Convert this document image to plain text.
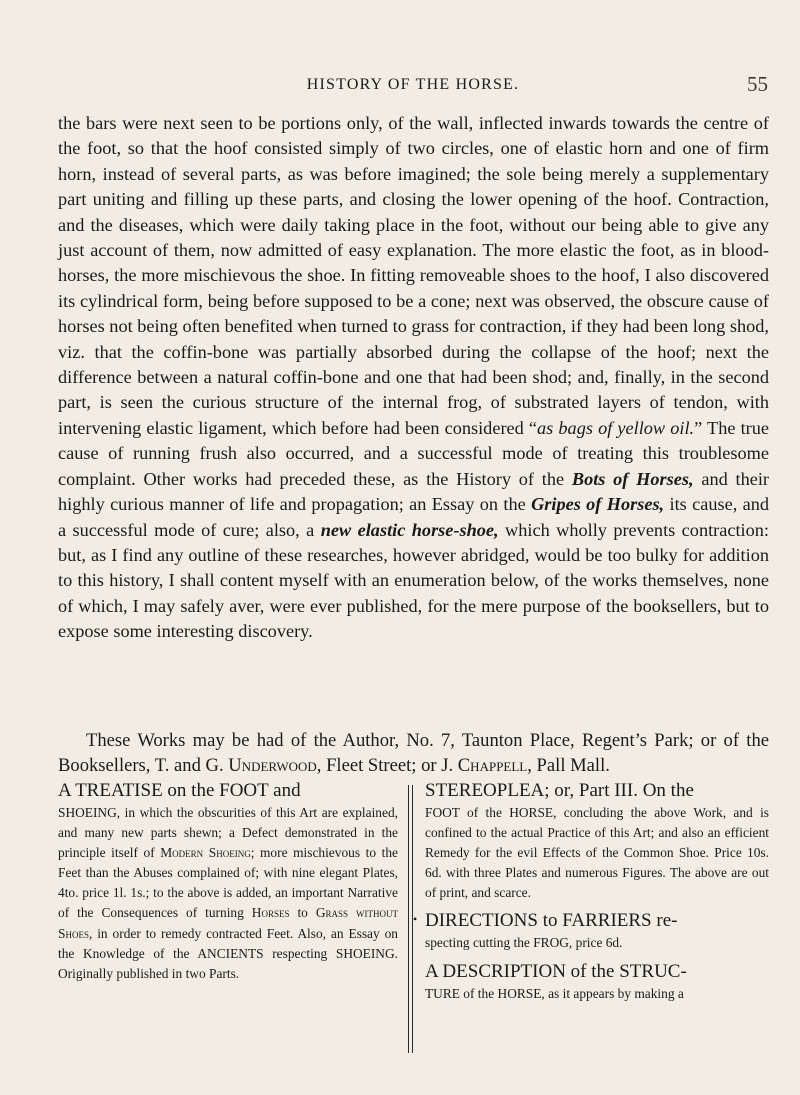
HISTORY OF THE HORSE.	55

the bars were next seen to be portions only, of the wall, inflected inwards towards the centre of the foot, so that the hoof consisted simply of two circles, one of elastic horn and one of firm horn, instead of several parts, as was before imagined; the sole being merely a supplementary part uniting and filling up these parts, and closing the lower opening of the hoof. Contraction, and the diseases, which were daily taking place in the foot, without our being able to give any just account of them, now admitted of easy explanation. The more elastic the foot, as in blood-horses, the more mischievous the shoe. In fitting removeable shoes to the hoof, I also discovered its cylindrical form, being before supposed to be a cone; next was observed, the obscure cause of horses not being often benefited when turned to grass for contraction, if they had been long shod, viz. that the coffin-bone was partially absorbed during the collapse of the hoof; next the difference between a natural coffin-bone and one that had been shod; and, finally, in the second part, is seen the curious structure of the internal frog, of substrated layers of tendon, with intervening elastic ligament, which before had been considered “as bags of yellow oil.” The true cause of running frush also occurred, and a successful mode of treating this troublesome complaint. Other works had preceded these, as the History of the Bots of Horses, and their highly curious manner of life and propagation; an Essay on the Gripes of Horses, its cause, and a successful mode of cure; also, a new elastic horse-shoe, which wholly prevents contraction: but, as I find any outline of these researches, however abridged, would be too bulky for addition to this history, I shall content myself with an enumeration below, of the works themselves, none of which, I may safely aver, were ever published, for the mere purpose of the booksellers, but to expose some interesting discovery.

These Works may be had of the Author, No. 7, Taunton Place, Regent’s Park; or of the Booksellers, T. and G. Underwood, Fleet Street; or J. Chappell, Pall Mall.
A TREATISE on the FOOT and
SHOEING, in which the obscurities of this Art are explained, and many new parts shewn; a Defect demonstrated in the principle itself of Modern Shoeing; more mischievous to the Feet than the Abuses complained of; with nine elegant Plates, 4to. price 1l. 1s.; to the above is added, an important Narrative of the Consequences of turning Horses to Grass without Shoes, in order to remedy contracted Feet. Also, an Essay on the Knowledge of the ANCIENTS respecting SHOEING. Originally published in two Parts.
STEREOPLEA; or, Part III. On the
FOOT of the HORSE, concluding the above Work, and is confined to the actual Practice of this Art; and also an efficient Remedy for the evil Effects of the Common Shoe. Price 10s. 6d. with three Plates and numerous Figures. The above are out of print, and scarce.
• DIRECTIONS to FARRIERS re-
specting cutting the FROG, price 6d.
A DESCRIPTION of the STRUC-
TURE of the HORSE, as it appears by making a
